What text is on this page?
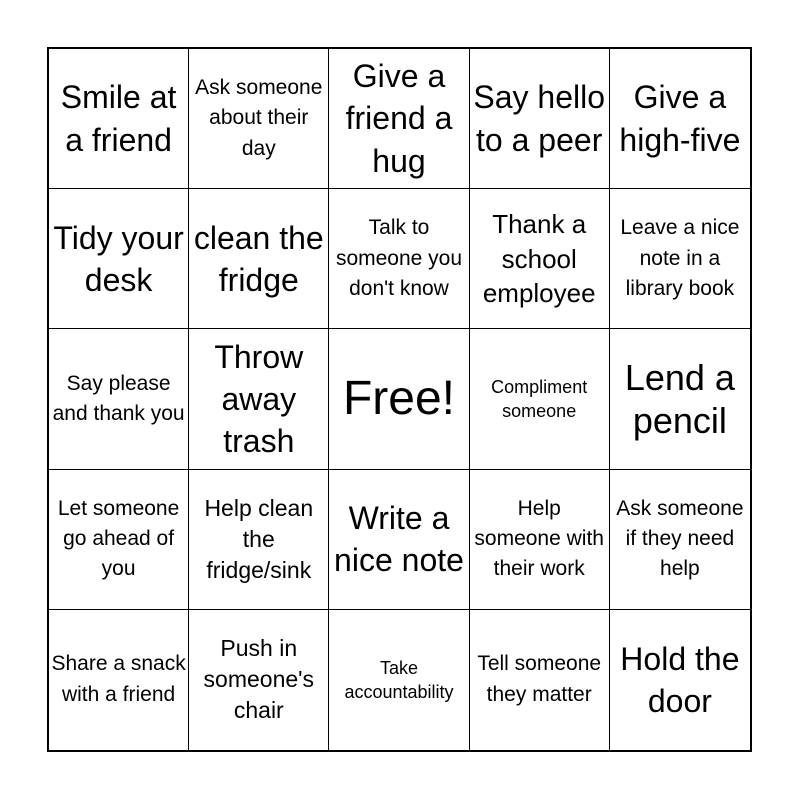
Smile at a friend
Ask someone about their day
Give a friend a hug
Say hello to a peer
Give a high-five
Tidy your desk
clean the fridge
Talk to someone you don't know
Thank a school employee
Leave a nice note in a library book
Say please and thank you
Throw away trash
Free!	Compliment someone
Lend a pencil
Let someone go ahead of you
Help clean the fridge/sink
Write a nice note
Help someone with their work
Ask someone if they need help
Share a snack with a friend
Push in someone's chair
Take accountability
Tell someone they matter
Hold the door
